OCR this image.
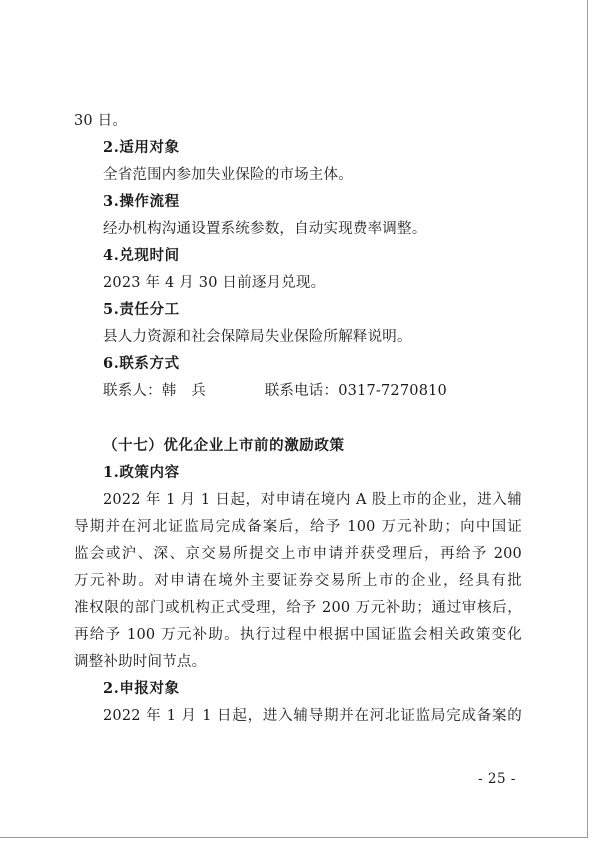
30 日。
2.适用对象
全省范围内参加失业保险的市场主体。
3.操作流程
经办机构沟通设置系统参数，自动实现费率调整。
4.兑现时间
2023 年 4 月 30 日前逐月兑现。
5.责任分工
县人力资源和社会保障局失业保险所解释说明。
6.联系方式
联系人：韩　兵　　　　联系电话：0317-7270810
（十七）优化企业上市前的激励政策
1.政策内容
2022 年 1 月 1 日起，对申请在境内 A 股上市的企业，进入辅
导期并在河北证监局完成备案后，给予 100 万元补助；向中国证
监会或沪、深、京交易所提交上市申请并获受理后，再给予 200
万元补助。对申请在境外主要证券交易所上市的企业，经具有批
准权限的部门或机构正式受理，给予 200 万元补助；通过审核后，
再给予 100 万元补助。执行过程中根据中国证监会相关政策变化
调整补助时间节点。
2.申报对象
2022 年 1 月 1 日起，进入辅导期并在河北证监局完成备案的
- 25 -
